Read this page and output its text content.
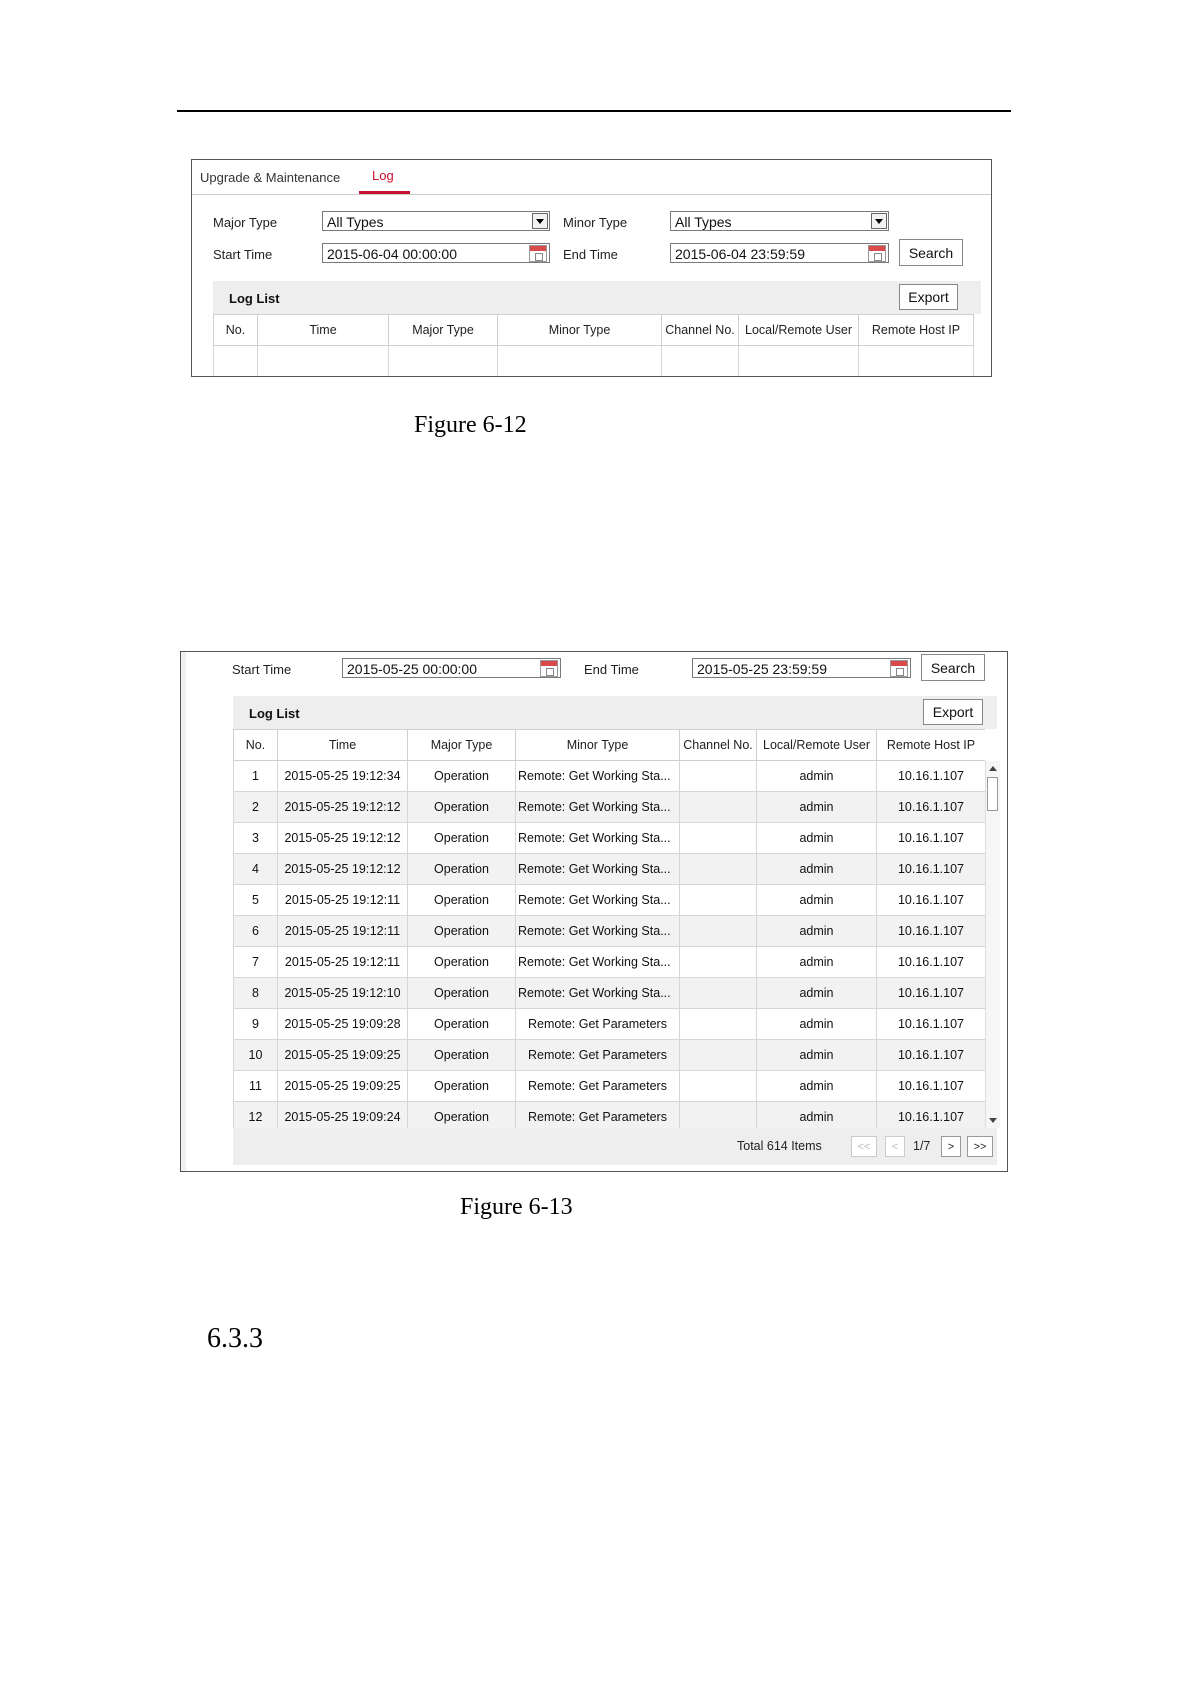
Upgrade & Maintenance Log
Major Type	All Types	Minor Type	All Types
Start Time	2015-06-04 00:00:00	End Time	2015-06-04 23:59:59	Search
Log List	Export
No.	Time	Major Type	Minor Type	Channel No.	Local/Remote User	Remote Host IP

Figure 6-12
Start Time	2015-05-25 00:00:00	End Time	2015-05-25 23:59:59	Search
Log List	Export
No.	Time	Major Type	Minor Type	Channel No.	Local/Remote User	Remote Host IP
1	2015-05-25 19:12:34	Operation	Remote: Get Working Sta...		admin	10.16.1.107
2	2015-05-25 19:12:12	Operation	Remote: Get Working Sta...		admin	10.16.1.107
3	2015-05-25 19:12:12	Operation	Remote: Get Working Sta...		admin	10.16.1.107
4	2015-05-25 19:12:12	Operation	Remote: Get Working Sta...		admin	10.16.1.107
5	2015-05-25 19:12:11	Operation	Remote: Get Working Sta...		admin	10.16.1.107
6	2015-05-25 19:12:11	Operation	Remote: Get Working Sta...		admin	10.16.1.107
7	2015-05-25 19:12:11	Operation	Remote: Get Working Sta...		admin	10.16.1.107
8	2015-05-25 19:12:10	Operation	Remote: Get Working Sta...		admin	10.16.1.107
9	2015-05-25 19:09:28	Operation	Remote: Get Parameters		admin	10.16.1.107
10	2015-05-25 19:09:25	Operation	Remote: Get Parameters		admin	10.16.1.107
11	2015-05-25 19:09:25	Operation	Remote: Get Parameters		admin	10.16.1.107
12	2015-05-25 19:09:24	Operation	Remote: Get Parameters		admin	10.16.1.107
Total 614 Items	<<	<	1/7	>	>>
Figure 6-13
6.3.3
